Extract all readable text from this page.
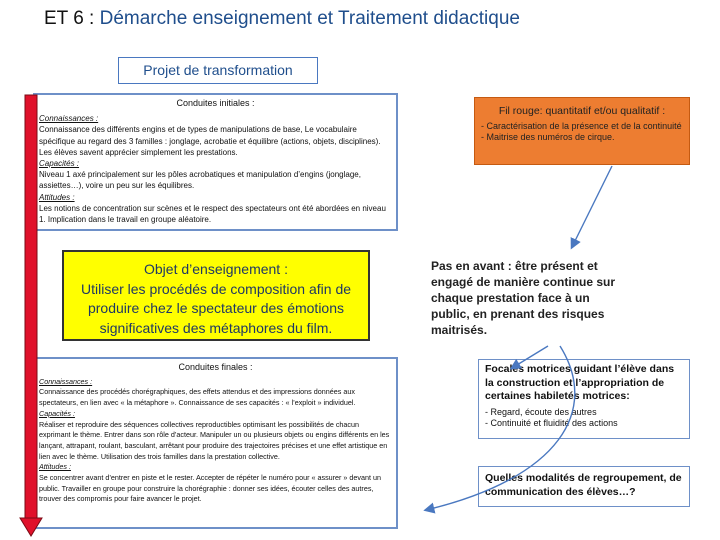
ET 6 : Démarche enseignement et Traitement didactique
Projet de transformation
Conduites initiales :
Connaissances :

Connaissance des différents engins et de types de manipulations de base, Le vocabulaire spécifique au regard des 3 familles : jonglage, acrobatie et équilibre (actions, objets, disciplines). Les élèves savent apprécier simplement les prestations.

Capacités :

Niveau 1 axé principalement sur les pôles acrobatiques et manipulation d’engins (jonglage, assiettes…), voire un peu sur les équilibres.

Attitudes :

Les notions de concentration sur scènes et le respect des spectateurs ont été abordées en niveau 1. Implication dans le travail en groupe aléatoire.

Objet d’enseignement :
Utiliser les procédés de composition afin de produire chez le spectateur des émotions significatives des métaphores du film.
Conduites finales :
Connaissances :

Connaissance des procédés chorégraphiques, des effets attendus et des impressions données aux spectateurs, en lien avec « la métaphore ». Connaissance de ses capacités : « l’exploit » individuel.

Capacités :

Réaliser et reproduire des séquences collectives reproductibles optimisant les possibilités de chacun exprimant le thème. Entrer dans son rôle d’acteur. Manipuler un ou plusieurs objets ou engins différents en les lançant, attrapant, roulant, basculant, arrêtant pour produire des trajectoires précises et une effet artistique en lien avec le thème. Utilisation des trois familles dans la prestation collective.

Attitudes :

Se concentrer avant d’entrer en piste et le rester. Accepter de répéter le numéro pour « assurer » devant un public. Travailler en groupe pour construire la chorégraphie : donner ses idées, écouter celles des autres, trouver des compromis pour faire avancer le projet.

Fil rouge: quantitatif et/ou qualitatif :

- Caractérisation de la présence et de la continuité

- Maitrise des numéros de cirque.

Pas en avant : être présent et engagé de manière continue sur chaque prestation face à un public, en prenant des risques maitrisés.

Focales motrices guidant l’élève dans la construction et l’appropriation de certaines habiletés motrices:

- Regard, écoute des autres

- Continuité et fluidité des actions

Quelles modalités de regroupement, de communication des élèves…?
